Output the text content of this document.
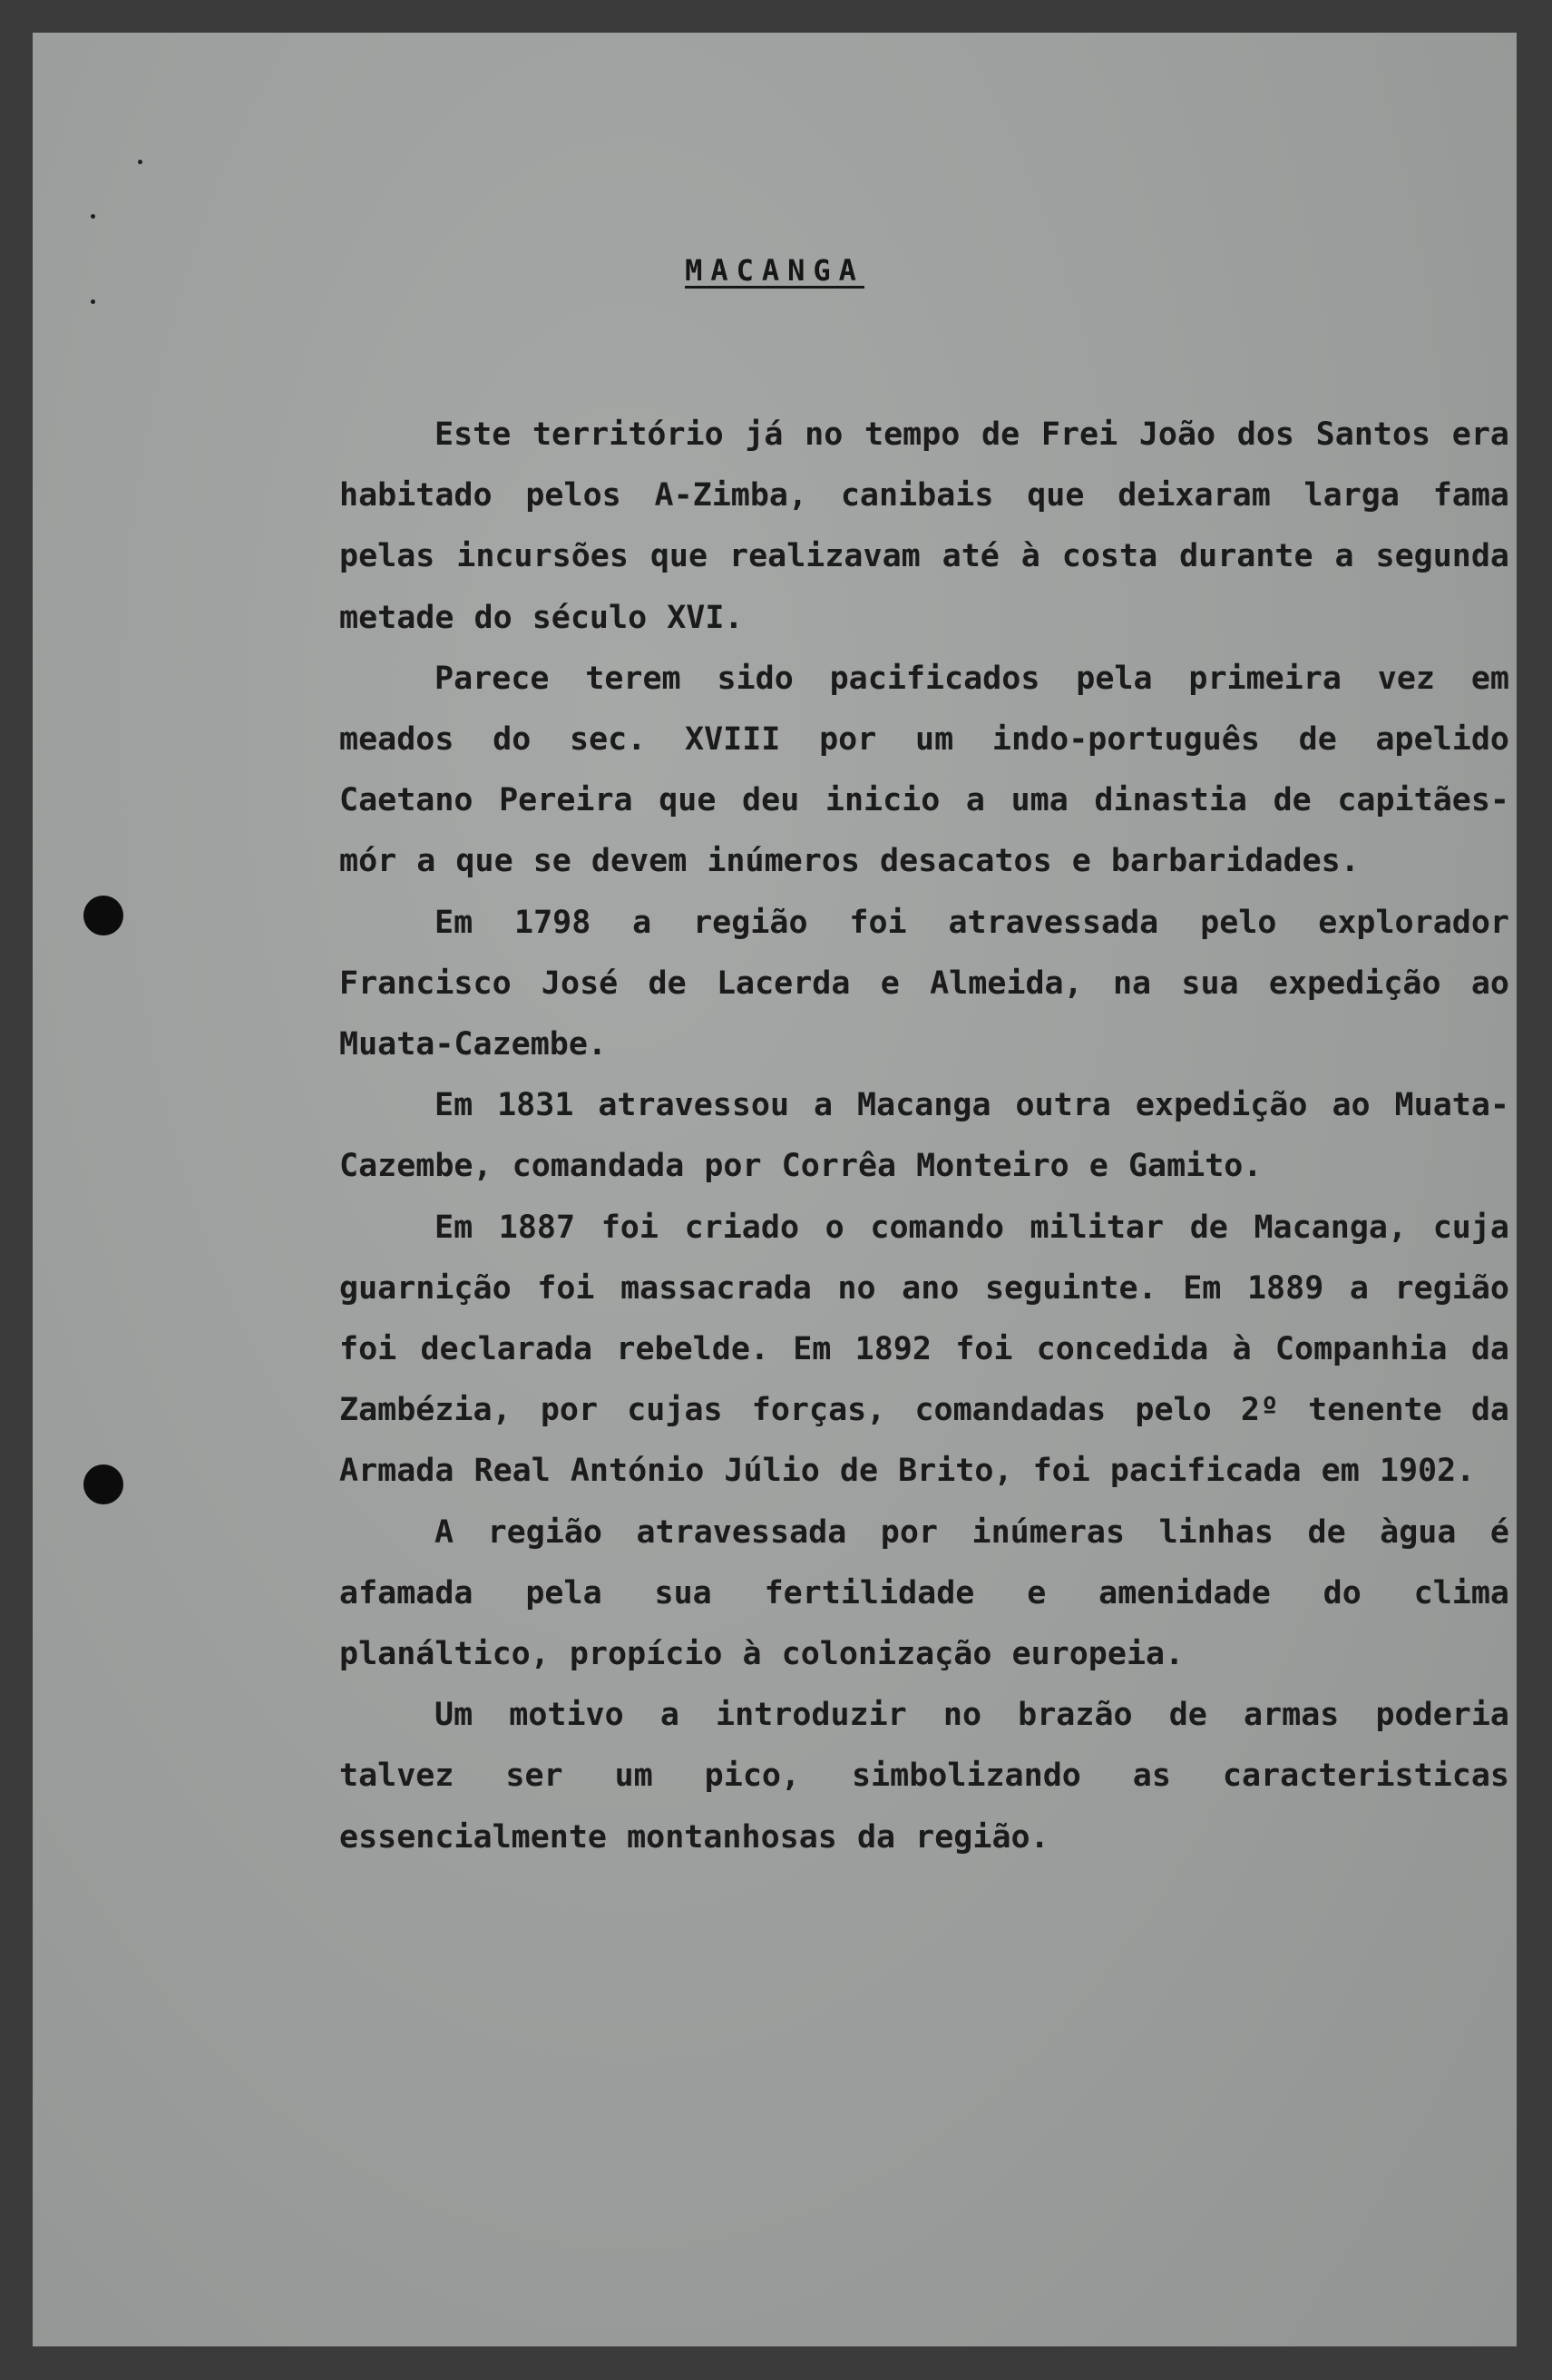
MACANGA

Este território já no tempo de Frei João dos Santos era habitado pelos A-Zimba, canibais que deixaram larga fama pelas incursões que realizavam até à costa durante a segunda metade do século XVI.

Parece terem sido pacificados pela primeira vez em meados do sec. XVIII por um indo-português de apelido Caetano Pereira que deu inicio a uma dinastia de capitães-mór a que se devem inúmeros desacatos e barbaridades.

Em 1798 a região foi atravessada pelo explorador Francisco José de Lacerda e Almeida, na sua expedição ao Muata-Cazembe.

Em 1831 atravessou a Macanga outra expedição ao Muata-Cazembe, comandada por Corrêa Monteiro e Gamito.

Em 1887 foi criado o comando militar de Macanga, cuja guarnição foi massacrada no ano seguinte. Em 1889 a região foi declarada rebelde. Em 1892 foi concedida à Companhia da Zambézia, por cujas forças, comandadas pelo 2º tenente da Armada Real António Júlio de Brito, foi pacificada em 1902.

A região atravessada por inúmeras linhas de àgua é afamada pela sua fertilidade e amenidade do clima planáltico, propício à colonização europeia.

Um motivo a introduzir no brazão de armas poderia talvez ser um pico, simbolizando as caracteristicas essencialmente montanhosas da região.
